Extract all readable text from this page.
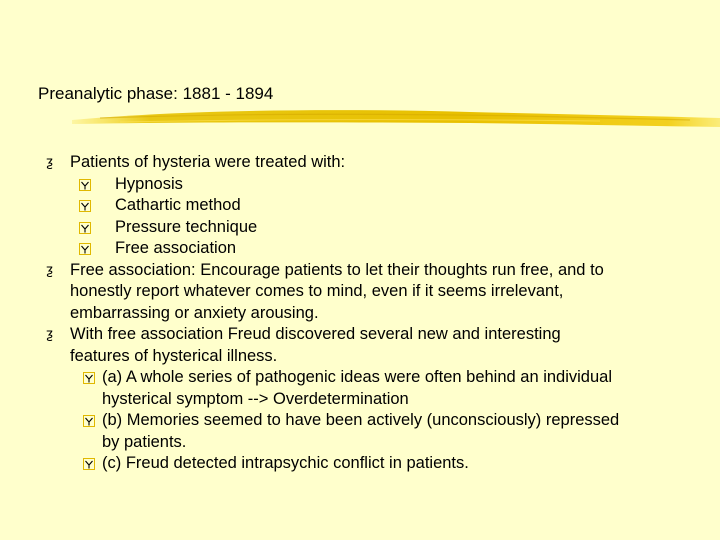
Preanalytic phase: 1881 - 1894
ƺ Patients of hysteria were treated with:
Hypnosis
Cathartic method
Pressure technique
Free association
ƺ Free association: Encourage patients to let their thoughts run free, and to
honestly report whatever comes to mind, even if it seems irrelevant,
embarrassing or anxiety arousing.
ƺ With free association Freud discovered several new and interesting
features of hysterical illness.
(a) A whole series of pathogenic ideas were often behind an individual
hysterical symptom --> Overdetermination
(b) Memories seemed to have been actively (unconsciously) repressed
by patients.
(c) Freud detected intrapsychic conflict in patients.
